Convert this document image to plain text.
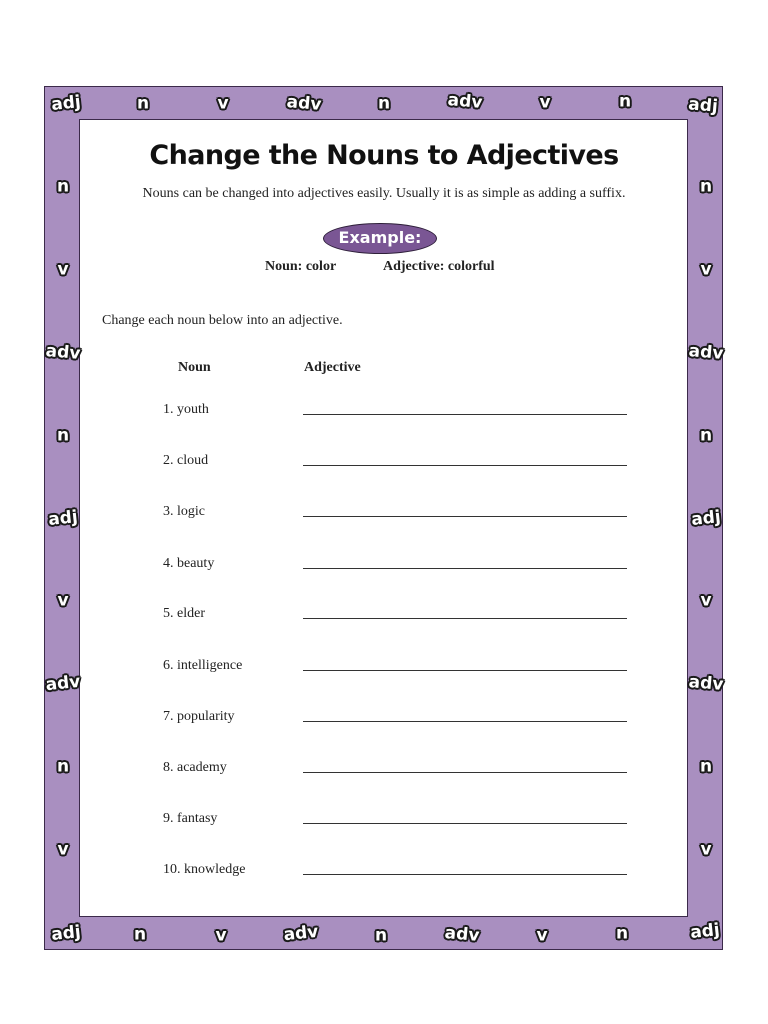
adj	n	v	adv	n	adv	v	n	adj
n
v
adv
n
adj
v
adv
n
v
n
v
adv
n
adj
v
adv
n
v
adj	n	v	adv	n	adv	v	n	adj
Change the Nouns to Adjectives
Nouns can be changed into adjectives easily. Usually it is as simple as adding a suffix.
Example:
Noun: color	Adjective: colorful
Change each noun below into an adjective.
Noun	Adjective
1. youth
2. cloud
3. logic
4. beauty
5. elder
6. intelligence
7. popularity
8. academy
9. fantasy
10. knowledge
